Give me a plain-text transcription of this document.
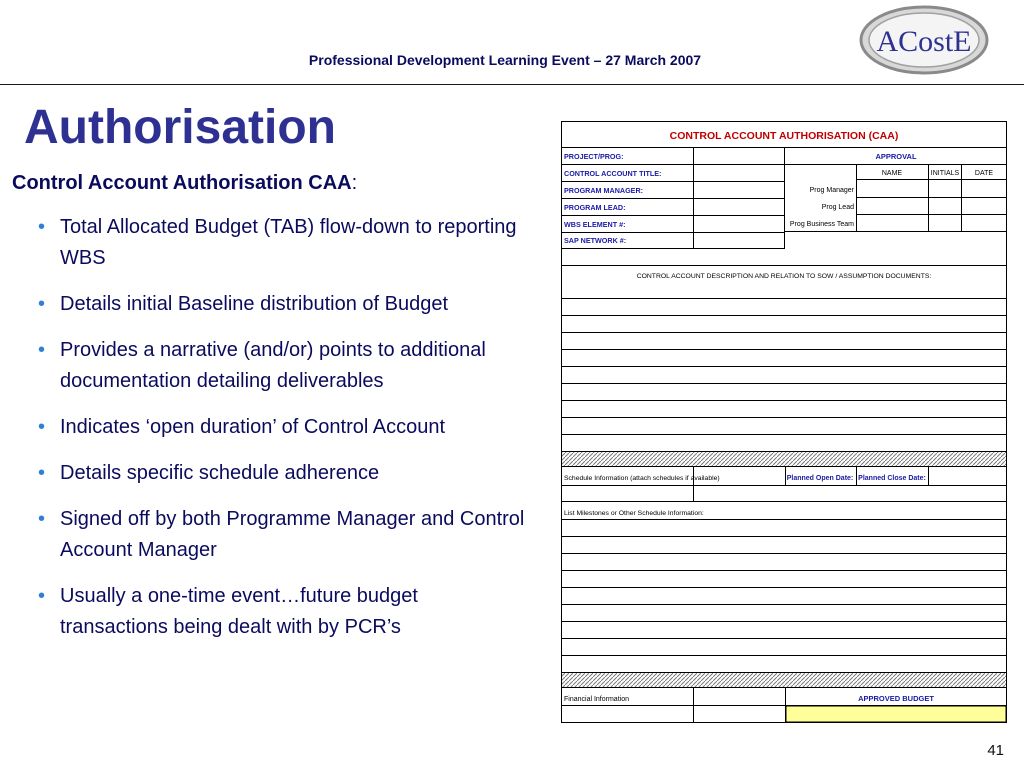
Professional Development Learning Event – 27 March 2007
ACostE
Authorisation
Control Account Authorisation CAA:
• Total Allocated Budget (TAB) flow-down to reporting WBS
• Details initial Baseline distribution of Budget
• Provides a narrative (and/or) points to additional documentation detailing deliverables
• Indicates ‘open duration’ of Control Account
• Details specific schedule adherence
• Signed off by both Programme Manager and Control Account Manager
• Usually a one-time event…future budget transactions being dealt with by PCR’s
CONTROL ACCOUNT AUTHORISATION (CAA)
PROJECT/PROG:
CONTROL ACCOUNT TITLE:
PROGRAM MANAGER:
PROGRAM LEAD:
WBS ELEMENT #:
SAP NETWORK #:
APPROVAL
NAME	INITIALS DATE
Prog Manager
Prog Lead
Prog Business Team
CONTROL ACCOUNT DESCRIPTION AND RELATION TO SOW / ASSUMPTION DOCUMENTS:
Schedule Information (attach schedules if available)	Planned Open Date: Planned Close Date:
List Milestones or Other Schedule Information:
Financial Information	APPROVED BUDGET
41
